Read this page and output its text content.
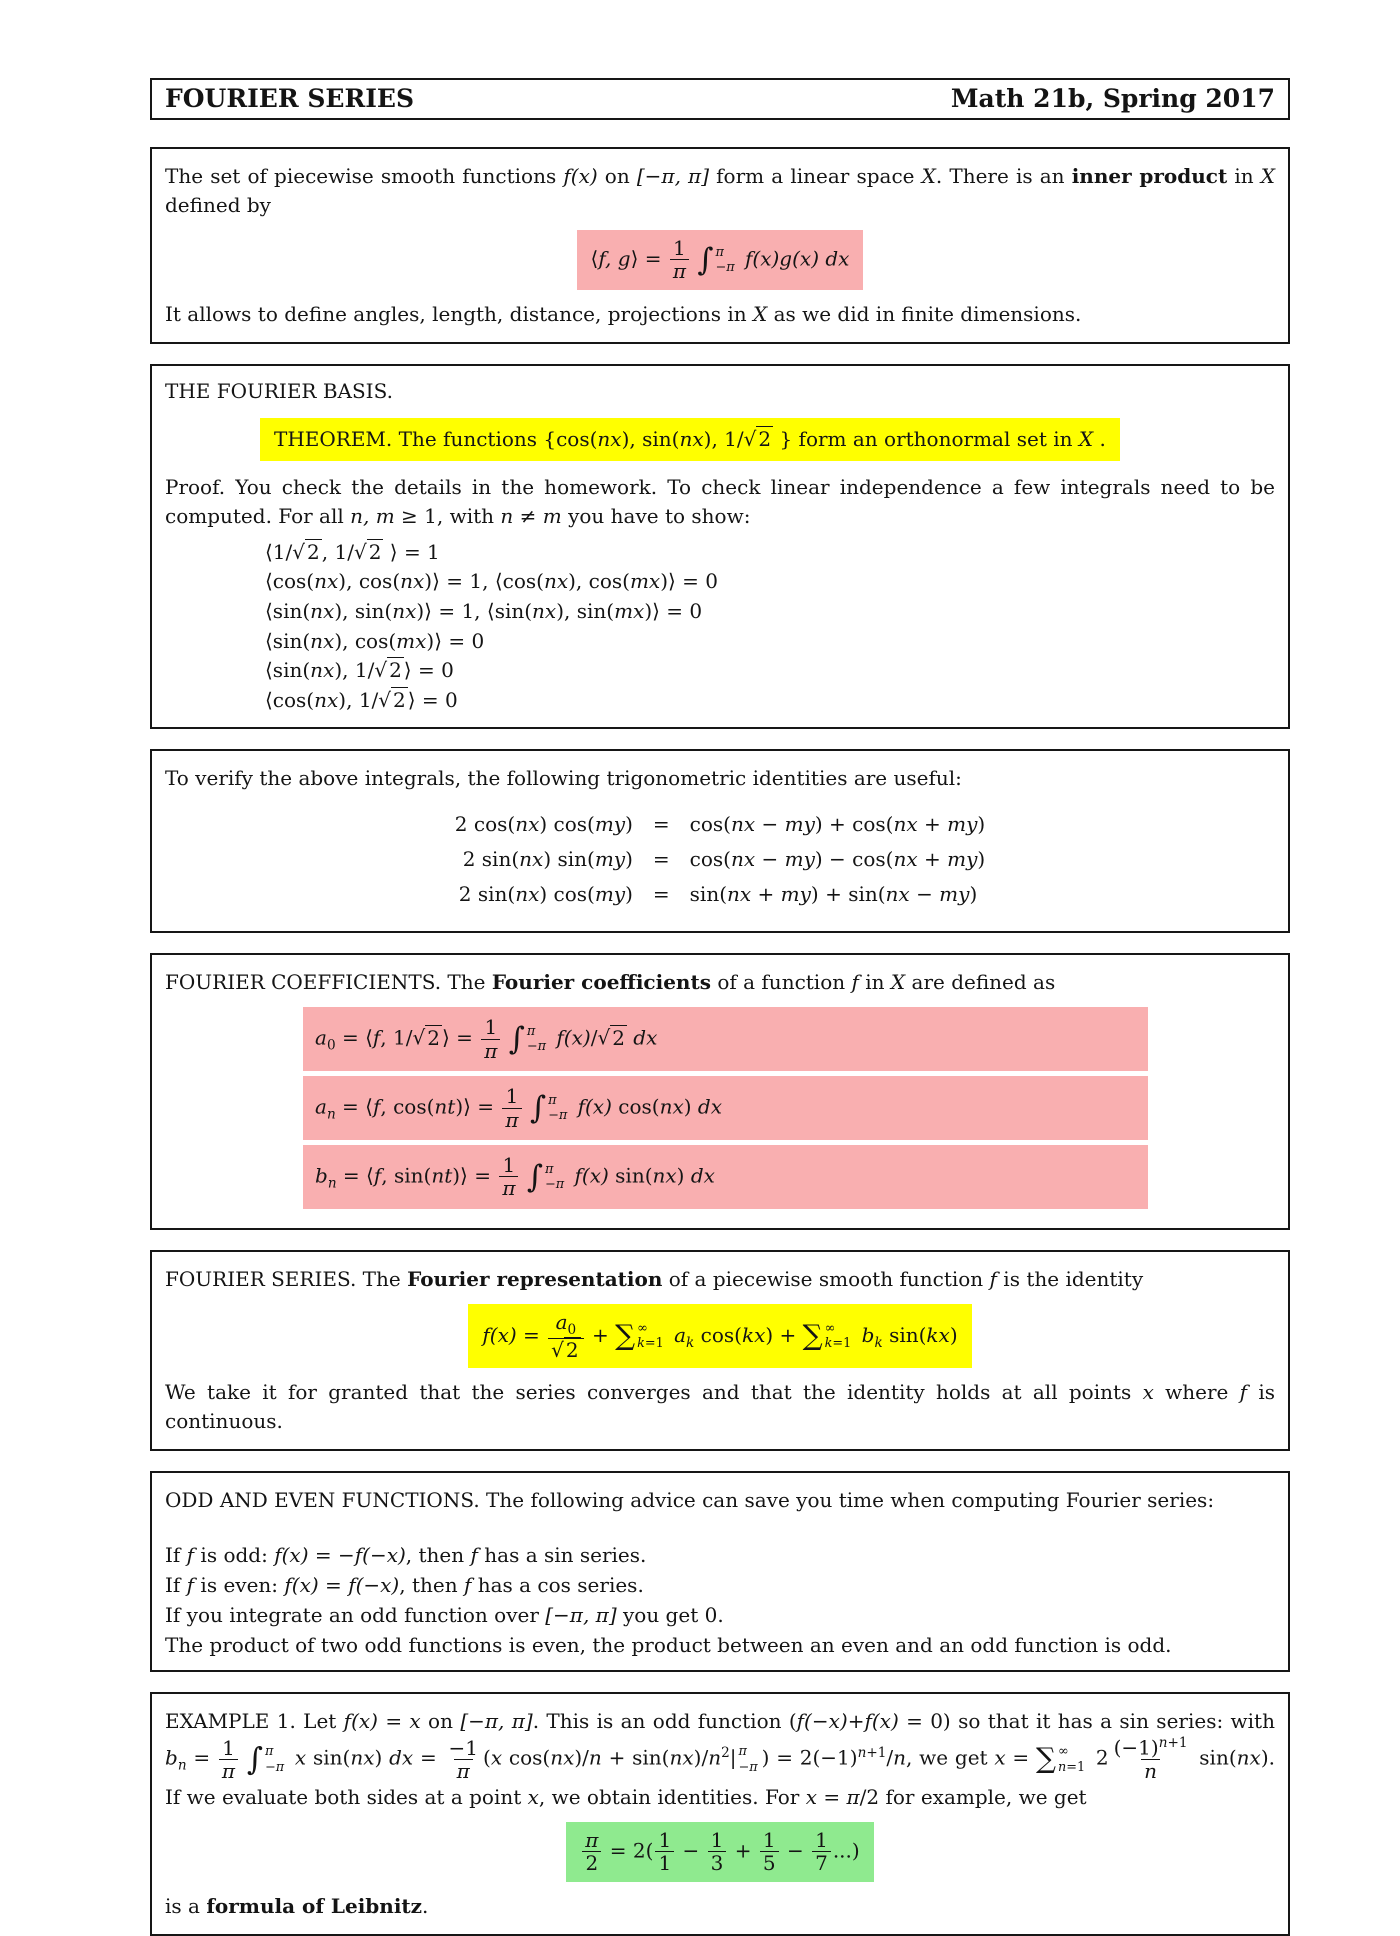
FOURIER SERIES	Math 21b, Spring 2017

The set of piecewise smooth functions f(x) on [−π, π] form a linear space X. There is an inner product in X defined by

⟨f, g⟩ = $\frac{1}{\pi}$ ∫ π
−π f(x)g(x) dx

It allows to define angles, length, distance, projections in X as we did in finite dimensions.

THE FOURIER BASIS.

THEOREM. The functions {cos(nx), sin(nx), 1/√ 2 } form an orthonormal set in X .

Proof. You check the details in the homework. To check linear independence a few integrals need to be computed. For all n, m ≥ 1, with n ≠ m you have to show:

⟨1/√ 2 , 1/√ 2 ⟩ = 1
⟨cos(nx), cos(nx)⟩ = 1, ⟨cos(nx), cos(mx)⟩ = 0
⟨sin(nx), sin(nx)⟩ = 1, ⟨sin(nx), sin(mx)⟩ = 0
⟨sin(nx), cos(mx)⟩ = 0
⟨sin(nx), 1/√ 2 ⟩ = 0
⟨cos(nx), 1/√ 2 ⟩ = 0

To verify the above integrals, the following trigonometric identities are useful:

2 cos(nx) cos(my)	=	cos(nx − my) + cos(nx + my)
2 sin(nx) sin(my)	=	cos(nx − my) − cos(nx + my)
2 sin(nx) cos(my)	=	sin(nx + my) + sin(nx − my)

FOURIER COEFFICIENTS. The Fourier coefficients of a function f in X are defined as

$a_0$ = ⟨f, 1/√ 2 ⟩ = $\frac{1}{\pi}$ ∫ π
−π f(x)/√ 2 dx
$a_n$ = ⟨f, cos(nt)⟩ = $\frac{1}{\pi}$ ∫ π
−π f(x) cos(nx) dx
$b_n$ = ⟨f, sin(nt)⟩ = $\frac{1}{\pi}$ ∫ π
−π f(x) sin(nx) dx

FOURIER SERIES. The Fourier representation of a piecewise smooth function f is the identity

$f(x) = \frac{a_0}{√ 2}$ + ∑ ∞
k=1 $a_k$ cos(kx) + ∑ ∞
k=1 $b_k$ sin(kx)

We take it for granted that the series converges and that the identity holds at all points x where f is continuous.

ODD AND EVEN FUNCTIONS. The following advice can save you time when computing Fourier series:

If f is odd: f(x) = −f(−x), then f has a sin series.
If f is even: f(x) = f(−x), then f has a cos series.
If you integrate an odd function over [−π, π] you get 0.
The product of two odd functions is even, the product between an even and an odd function is odd.

EXAMPLE 1. Let f(x) = x on [−π, π]. This is an odd function (f(−x)+f(x) = 0) so that it has a sin series: with $b_n = \frac{1}{\pi}$ ∫ π
−π x sin(nx) dx = $\frac{-1}{\pi} (x$ $\cos(nx)/n + \sin(nx)/n^2|$ π
−π ) = $2(-1)^{n+1}/n$, we get x = ∑ ∞
n=1 $2 \frac{(-1)^{n+1}}{n} \sin(nx)$. If we evaluate both sides at a point x, we obtain identities. For x = π/2 for example, we get

$\frac{\pi}{2} = 2( \frac{1}{1} - \frac{1}{3} + \frac{1}{5} - \frac{1}{7}$ ...)

is a formula of Leibnitz.
